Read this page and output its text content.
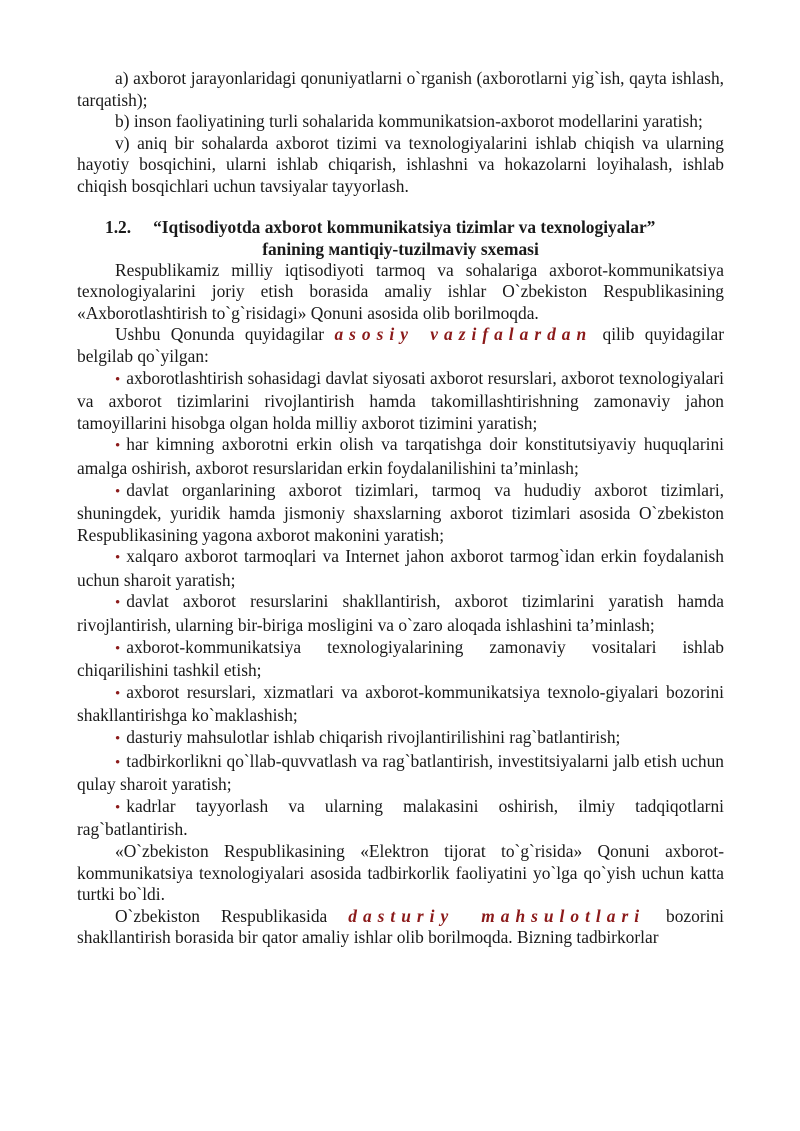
a) axborot jarayonlaridagi qonuniyatlarni o`rganish (axborotlarni yig`ish, qayta ishlash, tarqatish);

b) inson faoliyatining turli sohalarida kommunikatsion-axborot modellarini yaratish;

v) aniq bir sohalarda axborot tizimi va texnologiyalarini ishlab chiqish va ularning hayotiy bosqichini, ularni ishlab chiqarish, ishlashni va hokazolarni loyihalash, ishlab chiqish bosqichlari uchun tavsiyalar tayyorlash.

1.2. “Iqtisodiyotda axborot kommunikatsiya tizimlar va texnologiyalar”
fanining мantiqiy-tuzilmaviy sxemasi

Respublikamiz milliy iqtisodiyoti tarmoq va sohalariga axborot-kommunikatsiya texnologiyalarini joriy etish borasida amaliy ishlar O`zbekiston Respublikasining «Axborotlashtirish to`g`risidagi» Qonuni asosida olib borilmoqda.

Ushbu Qonunda quyidagilar asosiy vazifalardan qilib quyidagilar belgilab qo`yilgan:

• axborotlashtirish sohasidagi davlat siyosati axborot resurslari, axborot texnologiyalari va axborot tizimlarini rivojlantirish hamda takomillashtirishning zamonaviy jahon tamoyillarini hisobga olgan holda milliy axborot tizimini yaratish;

• har kimning axborotni erkin olish va tarqatishga doir konstitutsiyaviy huquqlarini amalga oshirish, axborot resurslaridan erkin foydalanilishini ta’minlash;

• davlat organlarining axborot tizimlari, tarmoq va hududiy axborot tizimlari, shuningdek, yuridik hamda jismoniy shaxslarning axborot tizimlari asosida O`zbekiston Respublikasining yagona axborot makonini yaratish;

• xalqaro axborot tarmoqlari va Internet jahon axborot tarmog`idan erkin foydalanish uchun sharoit yaratish;

• davlat axborot resurslarini shakllantirish, axborot tizimlarini yaratish hamda rivojlantirish, ularning bir-biriga mosligini va o`zaro aloqada ishlashini ta’minlash;

• axborot-kommunikatsiya texnologiyalarining zamonaviy vositalari ishlab chiqarilishini tashkil etish;

• axborot resurslari, xizmatlari va axborot-kommunikatsiya texnolo-giyalari bozorini shakllantirishga ko`maklashish;

• dasturiy mahsulotlar ishlab chiqarish rivojlantirilishini rag`batlantirish;

• tadbirkorlikni qo`llab-quvvatlash va rag`batlantirish, investitsiyalarni jalb etish uchun qulay sharoit yaratish;

• kadrlar tayyorlash va ularning malakasini oshirish, ilmiy tadqiqotlarni rag`batlantirish.

«O`zbekiston Respublikasining «Elektron tijorat to`g`risida» Qonuni axborot-kommunikatsiya texnologiyalari asosida tadbirkorlik faoliyatini yo`lga qo`yish uchun katta turtki bo`ldi.

O`zbekiston Respublikasida dasturiy mahsulotlari bozorini shakllantirish borasida bir qator amaliy ishlar olib borilmoqda. Bizning tadbirkorlar
